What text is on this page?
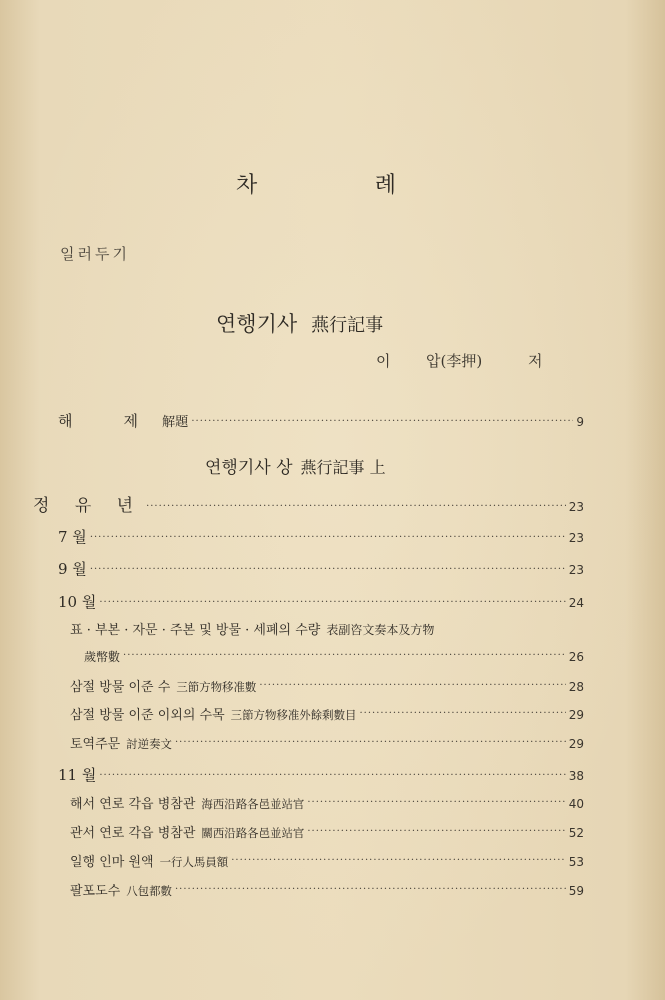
차	례
일러두기
연행기사 燕行記事
이 압(李押)	저
해　제 解題 ·····	9
연행기사 상 燕行記事 上
정 유 년 ·····	23
7 월 ·····	23
9 월 ·····	23
10 월 ·····	24
표 · 부본 · 자문 · 주본 및 방물 · 세폐의 수량 表副咨文奏本及方物
歲幣數 ·····	26
삼절 방물 이준 수 三節方物移准數 ·····	28
삼절 방물 이준 이외의 수목 三節方物移准外餘剩數目 ·····	29
토역주문 討逆奏文 ·····	29
11 월 ·····	38
해서 연로 각읍 병참관 海西沿路各邑並站官 ·····	40
관서 연로 각읍 병참관 關西沿路各邑並站官 ·····	52
일행 인마 원액 一行人馬員額 ·····	53
팔포도수 八包都數 ·····	59
